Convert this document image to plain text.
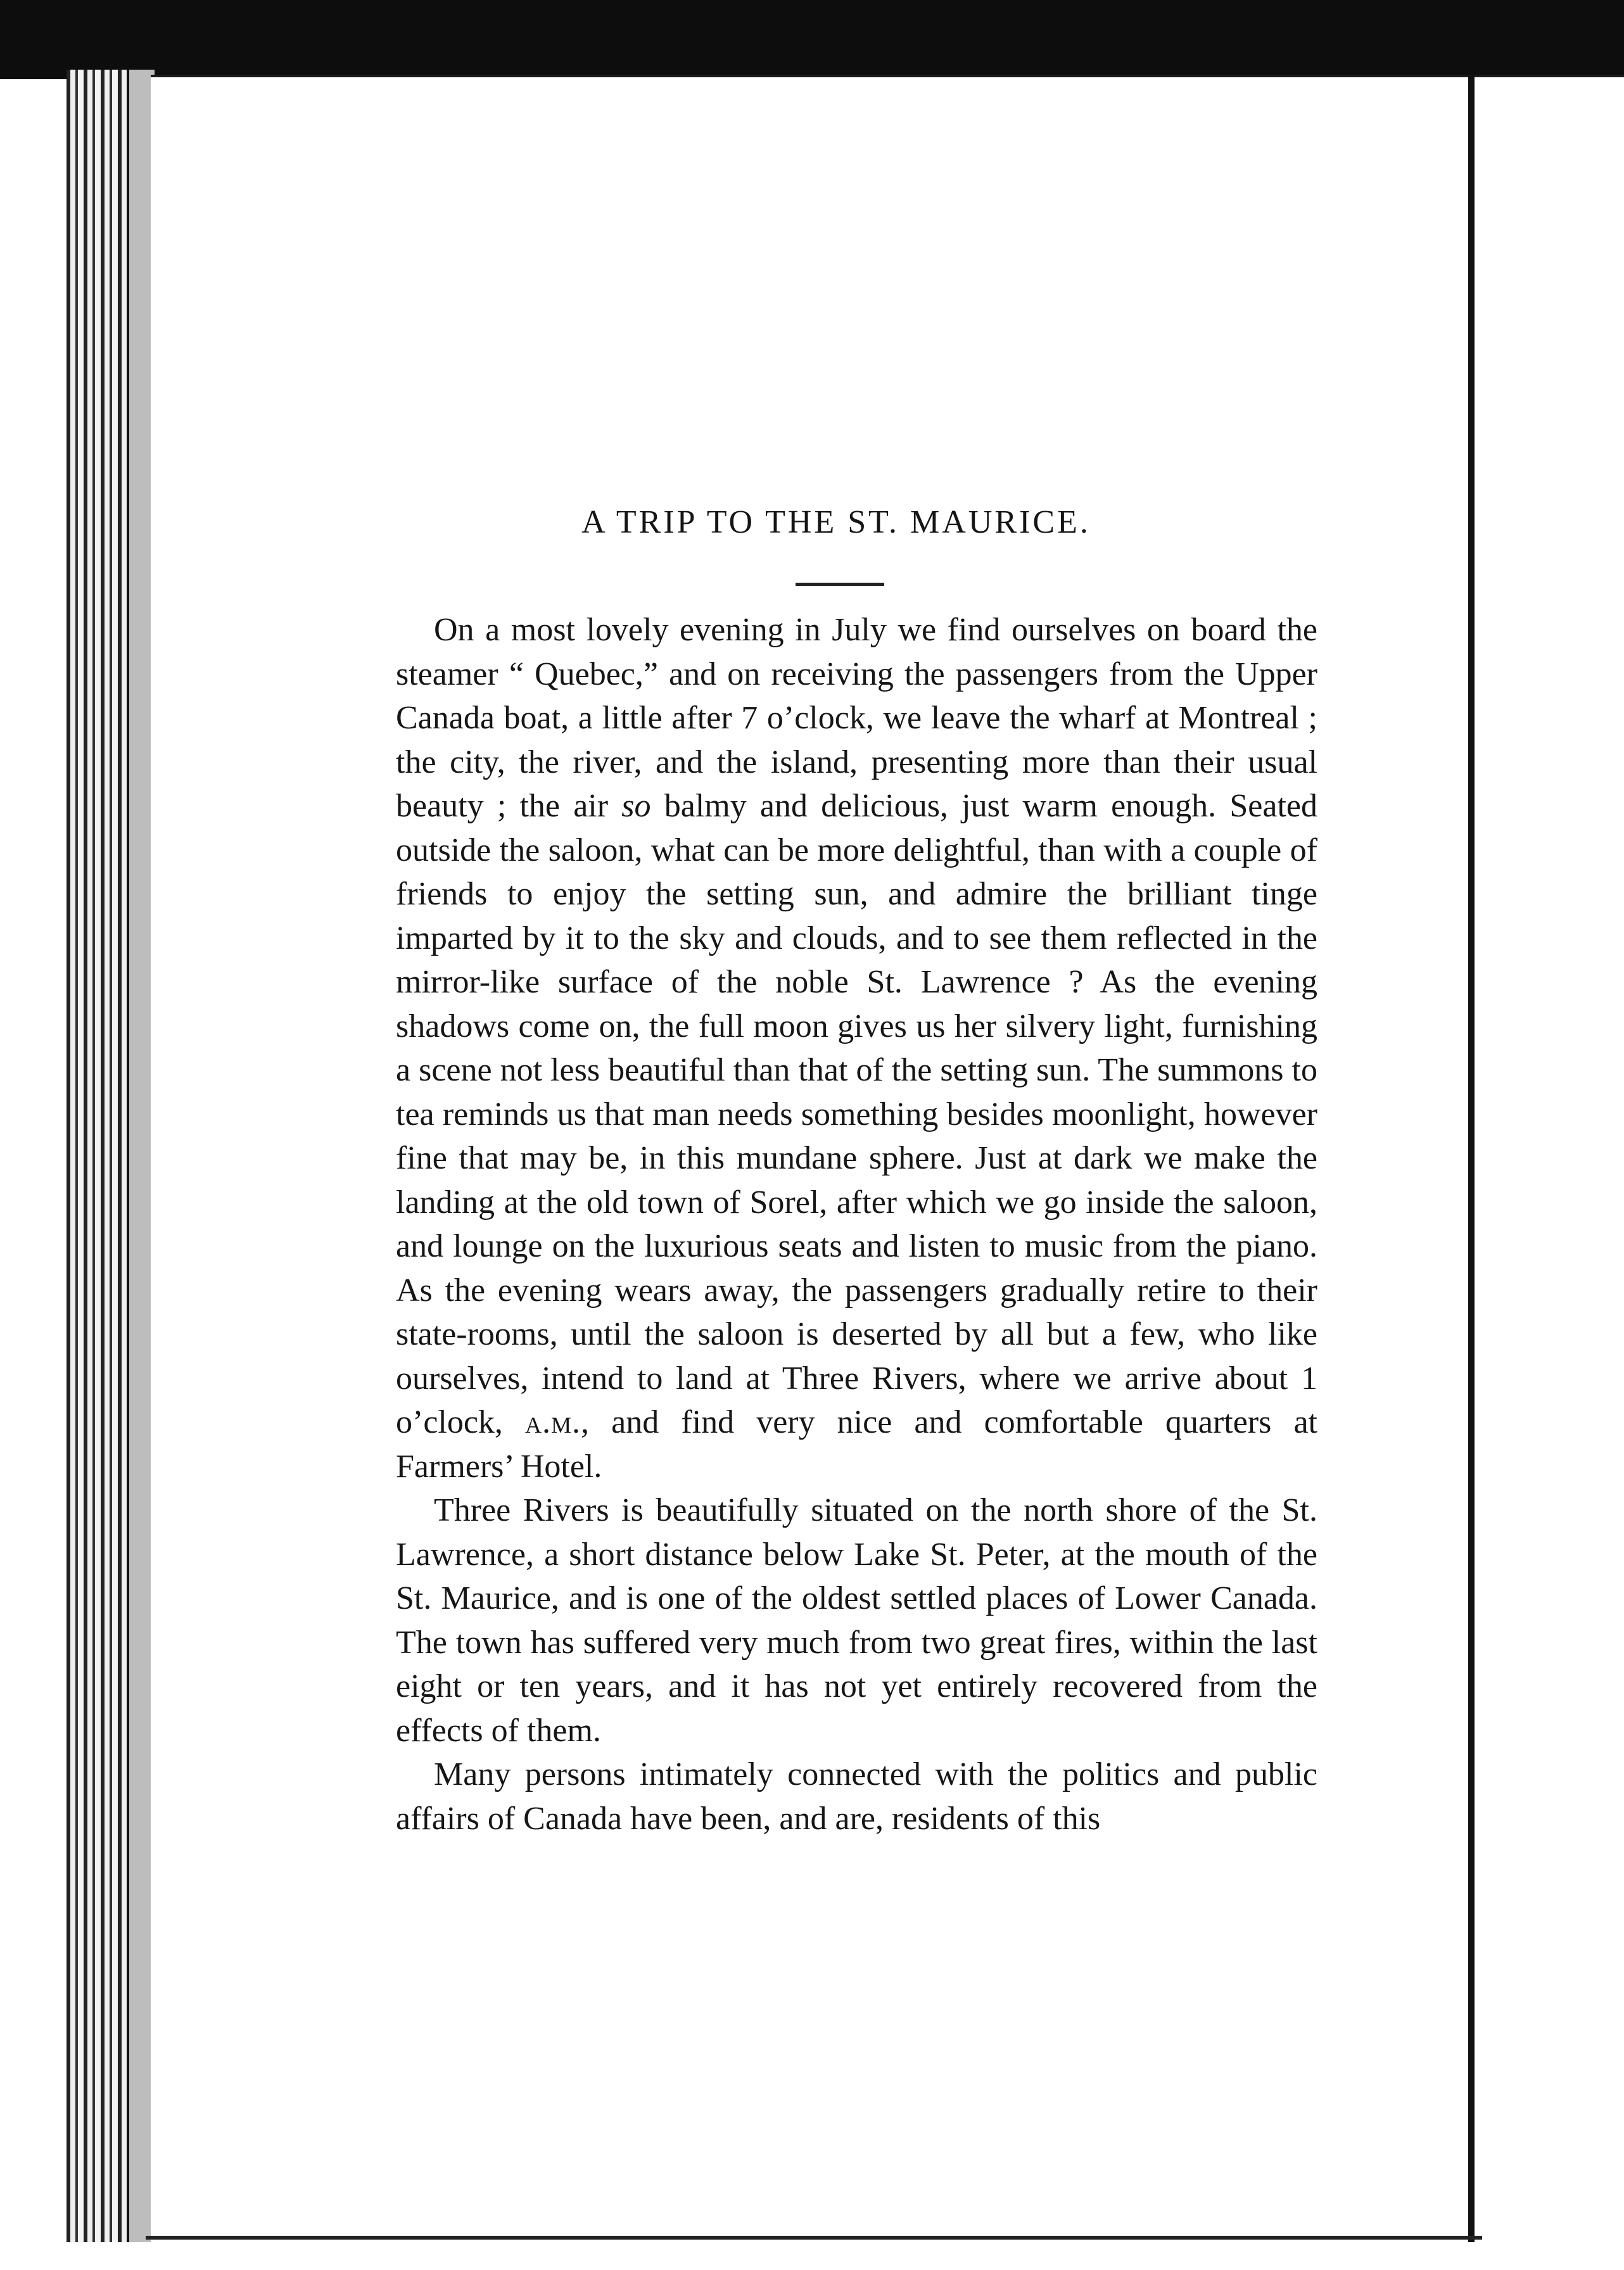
A TRIP TO THE ST. MAURICE.

On a most lovely evening in July we find ourselves on board the steamer “ Quebec,” and on receiving the passengers from the Upper Canada boat, a little after 7 o’clock, we leave the wharf at Montreal ; the city, the river, and the island, presenting more than their usual beauty ; the air so balmy and delicious, just warm enough. Seated outside the saloon, what can be more delightful, than with a couple of friends to enjoy the setting sun, and admire the brilliant tinge imparted by it to the sky and clouds, and to see them reflected in the mirror-like surface of the noble St. Lawrence ? As the evening shadows come on, the full moon gives us her silvery light, furnishing a scene not less beautiful than that of the setting sun. The summons to tea reminds us that man needs something besides moonlight, however fine that may be, in this mundane sphere. Just at dark we make the landing at the old town of Sorel, after which we go inside the saloon, and lounge on the luxurious seats and listen to music from the piano. As the evening wears away, the passengers gradually retire to their state-rooms, until the saloon is deserted by all but a few, who like ourselves, intend to land at Three Rivers, where we arrive about 1 o’clock, a.m., and find very nice and comfortable quarters at Farmers’ Hotel.

Three Rivers is beautifully situated on the north shore of the St. Lawrence, a short distance below Lake St. Peter, at the mouth of the St. Maurice, and is one of the oldest settled places of Lower Canada. The town has suffered very much from two great fires, within the last eight or ten years, and it has not yet entirely recovered from the effects of them.

Many persons intimately connected with the politics and public affairs of Canada have been, and are, residents of this
